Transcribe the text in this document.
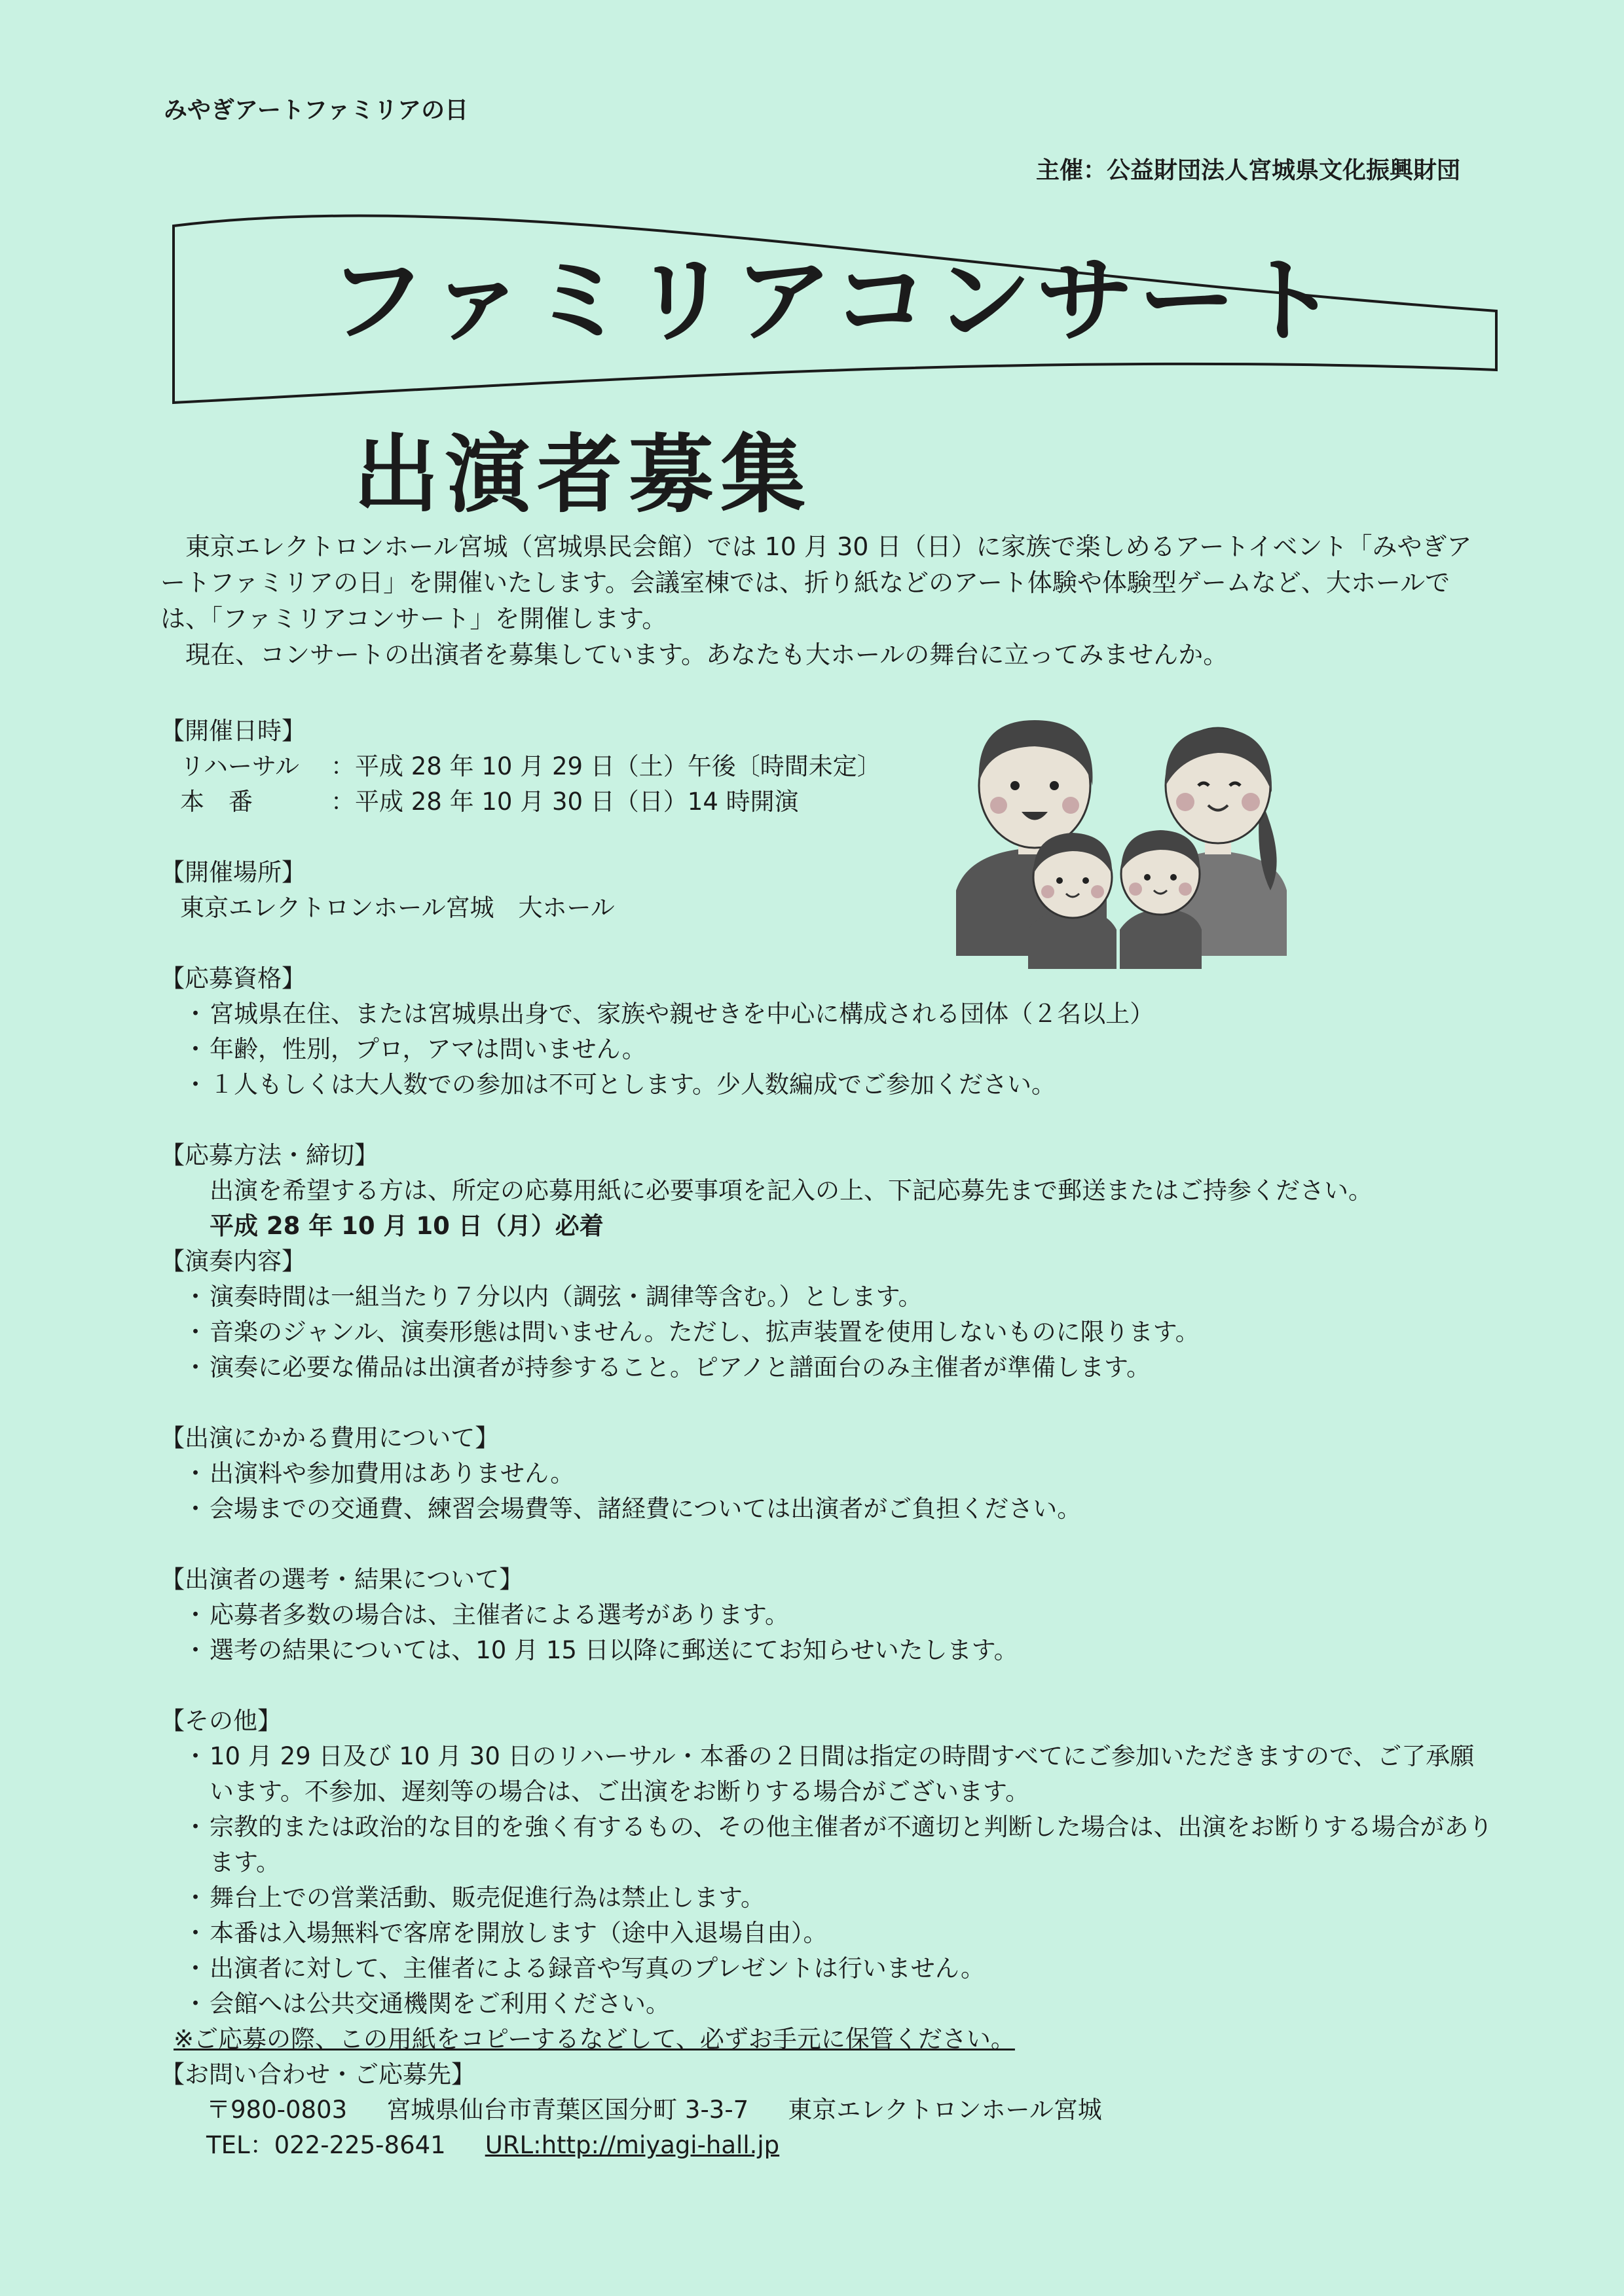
みやぎアートファミリアの日
主催：公益財団法人宮城県文化振興財団
ファミリアコンサート
出演者募集

　東京エレクトロンホール宮城（宮城県民会館）では 10 月 30 日（日）に家族で楽しめるアートイベント「みやぎアートファミリアの日」を開催いたします。会議室棟では、折り紙などのアート体験や体験型ゲームなど、大ホールでは、「ファミリアコンサート」を開催します。

　現在、コンサートの出演者を募集しています。あなたも大ホールの舞台に立ってみませんか。

【開催日時】
リハーサル	：平成 28 年 10 月 29 日（土）午後〔時間未定〕
本　番	：平成 28 年 10 月 30 日（日）14 時開演
【開催場所】
東京エレクトロンホール宮城　大ホール
【応募資格】
・ 宮城県在住、または宮城県出身で、家族や親せきを中心に構成される団体（２名以上）
・ 年齢，性別，プロ，アマは問いません。
・ １人もしくは大人数での参加は不可とします。少人数編成でご参加ください。
【応募方法・締切】
出演を希望する方は、所定の応募用紙に必要事項を記入の上、下記応募先まで郵送またはご持参ください。
平成 28 年 10 月 10 日（月）必着
【演奏内容】
・ 演奏時間は一組当たり７分以内（調弦・調律等含む。）とします。
・ 音楽のジャンル、演奏形態は問いません。ただし、拡声装置を使用しないものに限ります。
・ 演奏に必要な備品は出演者が持参すること。ピアノと譜面台のみ主催者が準備します。
【出演にかかる費用について】
・ 出演料や参加費用はありません。
・ 会場までの交通費、練習会場費等、諸経費については出演者がご負担ください。
【出演者の選考・結果について】
・ 応募者多数の場合は、主催者による選考があります。
・ 選考の結果については、10 月 15 日以降に郵送にてお知らせいたします。
【その他】
・ 10 月 29 日及び 10 月 30 日のリハーサル・本番の２日間は指定の時間すべてにご参加いただきますので、ご了承願います。不参加、遅刻等の場合は、ご出演をお断りする場合がございます。
・ 宗教的または政治的な目的を強く有するもの、その他主催者が不適切と判断した場合は、出演をお断りする場合があります。
・ 舞台上での営業活動、販売促進行為は禁止します。
・ 本番は入場無料で客席を開放します（途中入退場自由）。
・ 出演者に対して、主催者による録音や写真のプレゼントは行いません。
・ 会館へは公共交通機関をご利用ください。
※ご応募の際、この用紙をコピーするなどして、必ずお手元に保管ください。
【お問い合わせ・ご応募先】
〒980-0803 宮城県仙台市青葉区国分町 3-3-7 東京エレクトロンホール宮城
TEL：022-225-8641 URL:http://miyagi-hall.jp
